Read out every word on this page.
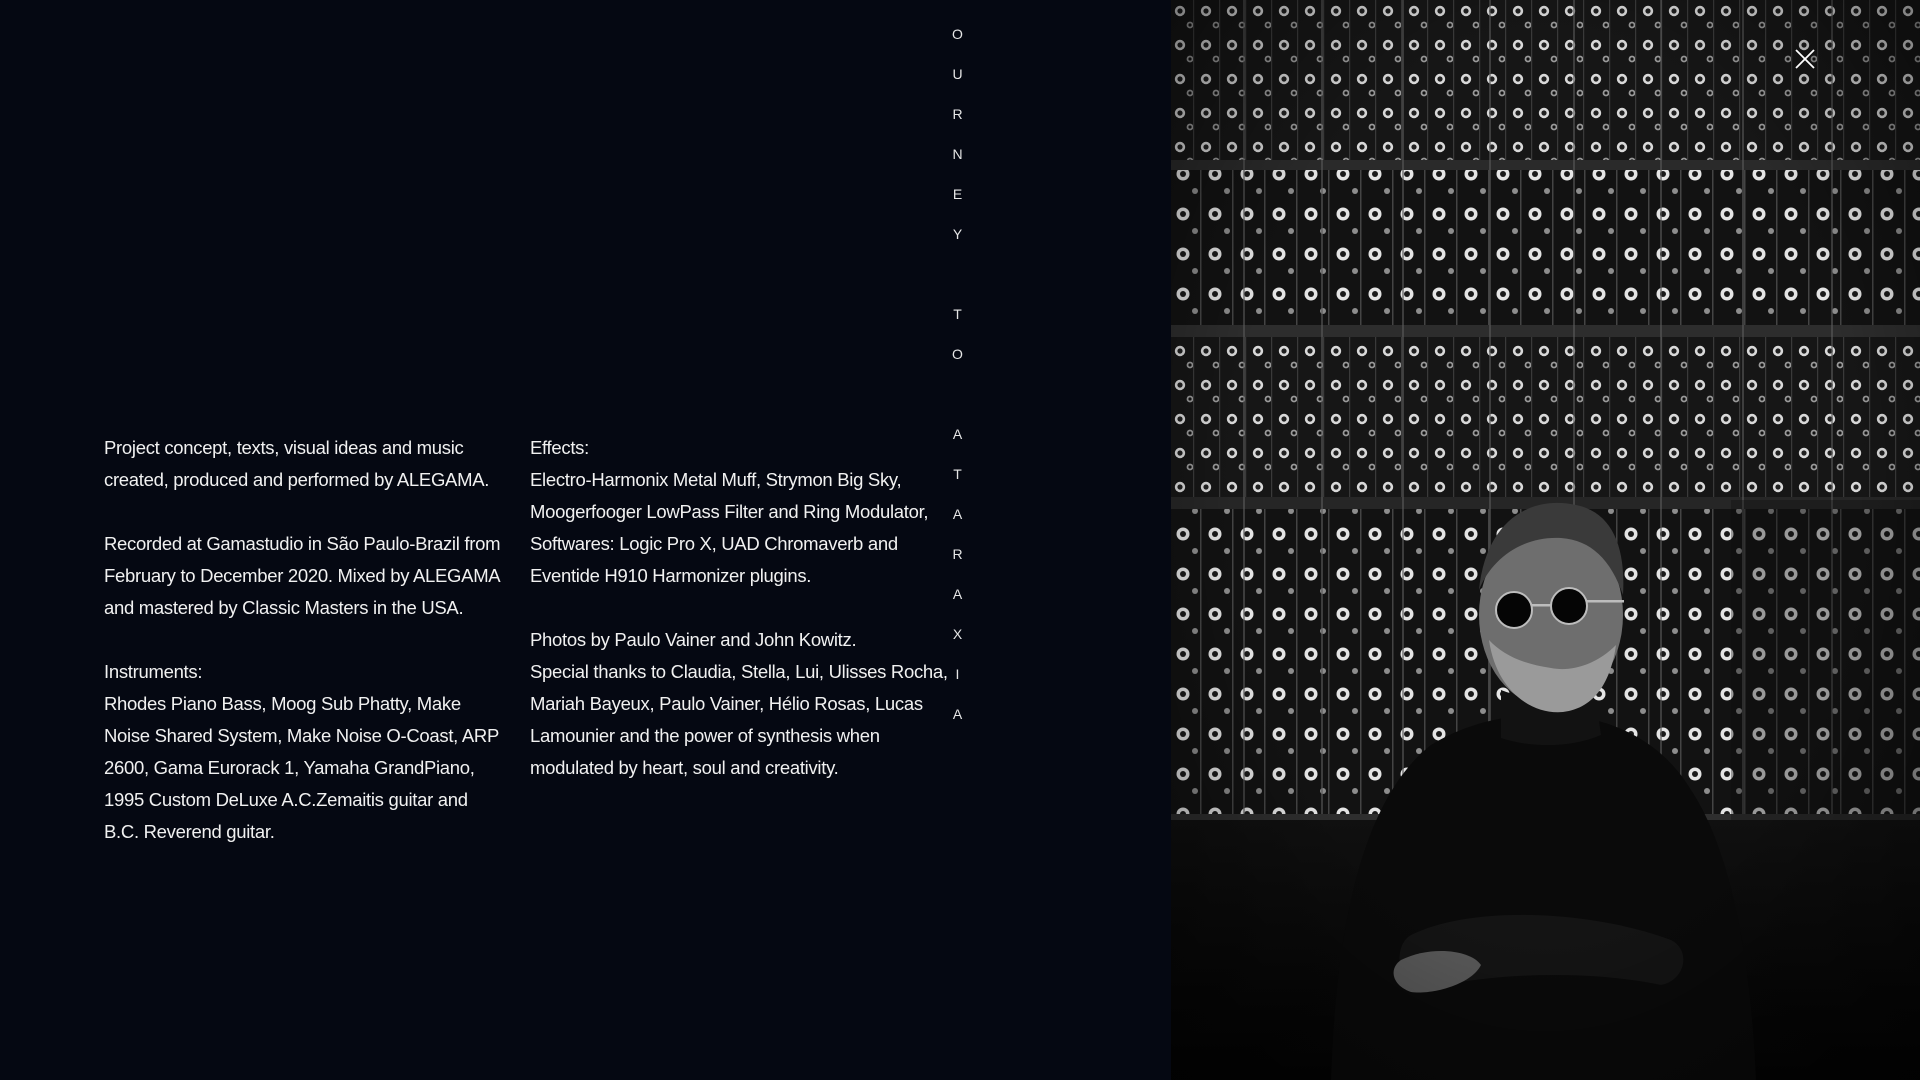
Project concept, texts, visual ideas and music created, produced and performed by ALEGAMA.

Recorded at Gamastudio in São Paulo-Brazil from February to December 2020. Mixed by ALEGAMA and mastered by Classic Masters in the USA.

Instruments:
Rhodes Piano Bass, Moog Sub Phatty, Make Noise Shared System, Make Noise O-Coast, ARP 2600, Gama Eurorack 1, Yamaha GrandPiano, 1995 Custom DeLuxe A.C.Zemaitis guitar and B.C. Reverend guitar.

Effects:
Electro-Harmonix Metal Muff, Strymon Big Sky, Moogerfooger LowPass Filter and Ring Modulator, Softwares: Logic Pro X, UAD Chromaverb and Eventide H910 Harmonizer plugins.

Photos by Paulo Vainer and John Kowitz.
Special thanks to Claudia, Stella, Lui, Ulisses Rocha, Mariah Bayeux, Paulo Vainer, Hélio Rosas, Lucas Lamounier and the power of synthesis when modulated by heart, soul and creativity.

O
U
R
N
E
Y
T
O
A
T
A
R
A
X
I
A
